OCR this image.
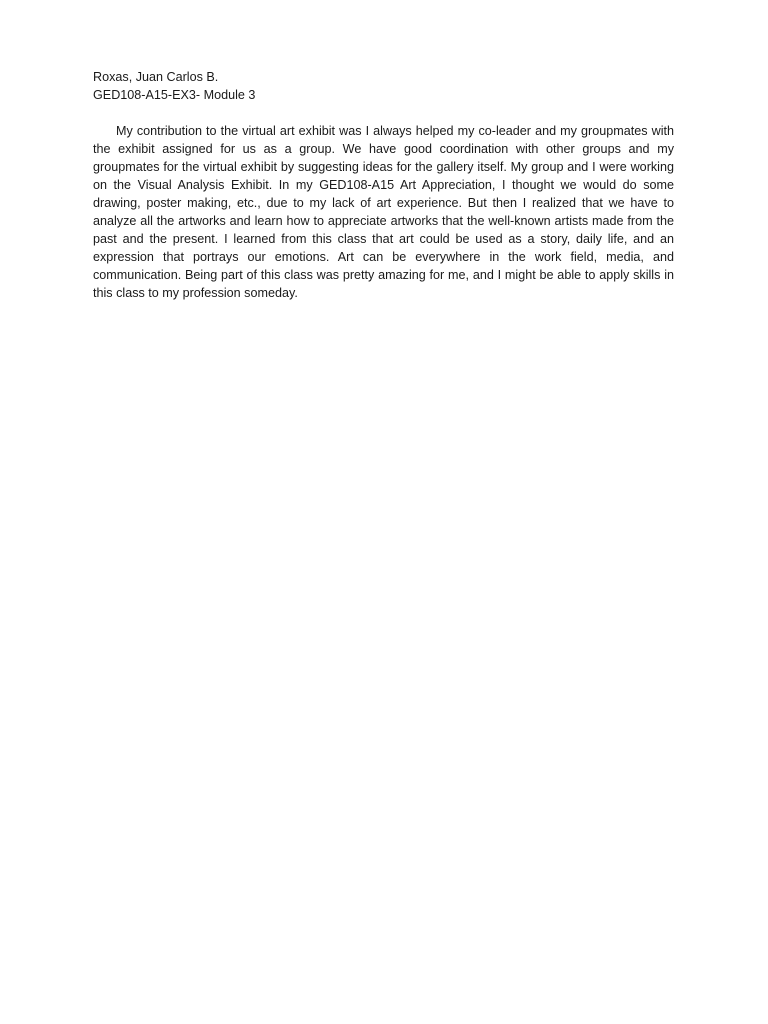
Roxas, Juan Carlos B.

GED108-A15-EX3- Module 3

My contribution to the virtual art exhibit was I always helped my co-leader and my groupmates with the exhibit assigned for us as a group. We have good coordination with other groups and my groupmates for the virtual exhibit by suggesting ideas for the gallery itself. My group and I were working on the Visual Analysis Exhibit. In my GED108-A15 Art Appreciation, I thought we would do some drawing, poster making, etc., due to my lack of art experience. But then I realized that we have to analyze all the artworks and learn how to appreciate artworks that the well-known artists made from the past and the present. I learned from this class that art could be used as a story, daily life, and an expression that portrays our emotions. Art can be everywhere in the work field, media, and communication. Being part of this class was pretty amazing for me, and I might be able to apply skills in this class to my profession someday.
